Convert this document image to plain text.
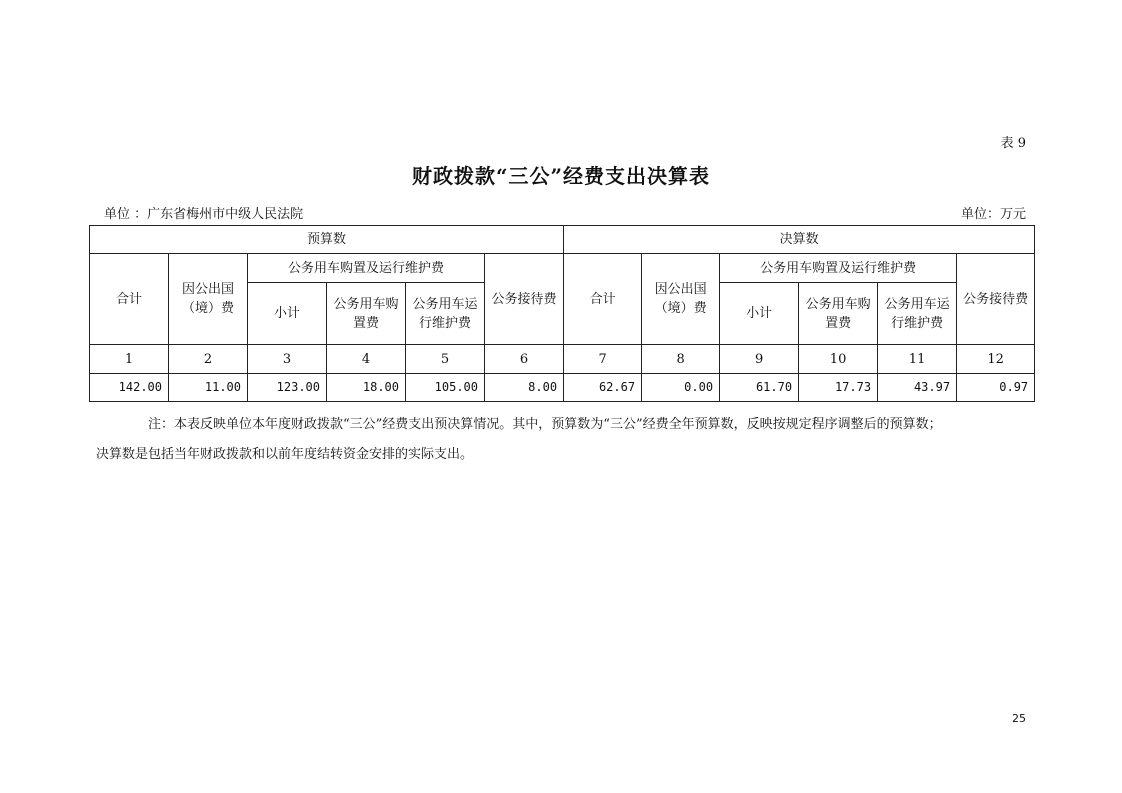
表 9
财政拨款“三公”经费支出决算表
单位 ：广东省梅州市中级人民法院	单位：万元
预算数						决算数					
合计	因公出国（境）费	公务用车购置及运行维护费			公务接待费	合计	因公出国（境）费	公务用车购置及运行维护费			公务接待费
		小计	公务用车购置费	公务用车运行维护费				小计	公务用车购置费	公务用车运行维护费	
1	2	3	4	5	6	7	8	9	10	11	12
142.00	11.00	123.00	18.00	105.00	8.00	62.67	0.00	61.70	17.73	43.97	0.97
注：本表反映单位本年度财政拨款“三公”经费支出预决算情况。其中，预算数为“三公”经费全年预算数，反映按规定程序调整后的预算数；
决算数是包括当年财政拨款和以前年度结转资金安排的实际支出。
25
